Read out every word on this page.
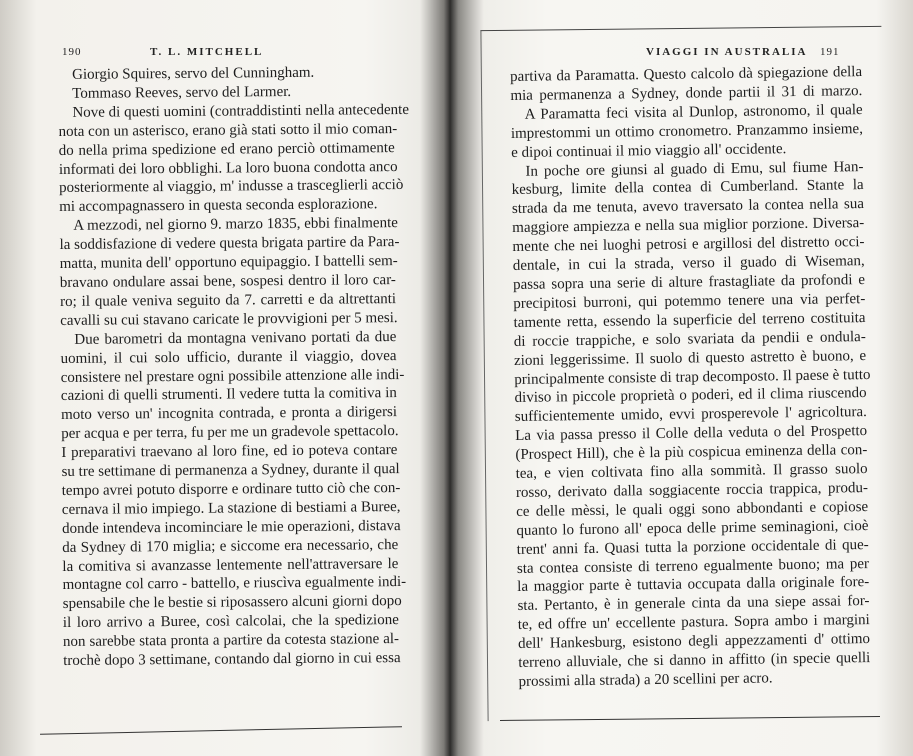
190	T. L. MITCHELL
Giorgio Squires, servo del Cunningham.
Tommaso Reeves, servo del Larmer.
Nove di questi uomini (contraddistinti nella antecedente
nota con un asterisco, erano già stati sotto il mio coman-
do nella prima spedizione ed erano perciò ottimamente
informati dei loro obblighi. La loro buona condotta anco
posteriormente al viaggio, m' indusse a trasceglierli acciò
mi accompagnassero in questa seconda esplorazione.
A mezzodi, nel giorno 9. marzo 1835, ebbi finalmente
la soddisfazione di vedere questa brigata partire da Para-
matta, munita dell' opportuno equipaggio. I battelli sem-
bravano ondulare assai bene, sospesi dentro il loro car-
ro; il quale veniva seguito da 7. carretti e da altrettanti
cavalli su cui stavano caricate le provvigioni per 5 mesi.
Due barometri da montagna venivano portati da due
uomini, il cui solo ufficio, durante il viaggio, dovea
consistere nel prestare ogni possibile attenzione alle indi-
cazioni di quelli strumenti. Il vedere tutta la comitiva in
moto verso un' incognita contrada, e pronta a dirigersi
per acqua e per terra, fu per me un gradevole spettacolo.
I preparativi traevano al loro fine, ed io poteva contare
su tre settimane di permanenza a Sydney, durante il qual
tempo avrei potuto disporre e ordinare tutto ciò che con-
cernava il mio impiego. La stazione di bestiami a Buree,
donde intendeva incominciare le mie operazioni, distava
da Sydney di 170 miglia; e siccome era necessario, che
la comitiva si avanzasse lentemente nell'attraversare le
montagne col carro - battello, e riuscìva egualmente indi-
spensabile che le bestie si riposassero alcuni giorni dopo
il loro arrivo a Buree, così calcolai, che la spedizione
non sarebbe stata pronta a partire da cotesta stazione al-
trochè dopo 3 settimane, contando dal giorno in cui essa
VIAGGI IN AUSTRALIA 191
partiva da Paramatta. Questo calcolo dà spiegazione della
mia permanenza a Sydney, donde partii il 31 di marzo.
A Paramatta feci visita al Dunlop, astronomo, il quale
imprestommi un ottimo cronometro. Pranzammo insieme,
e dipoi continuai il mio viaggio all' occidente.
In poche ore giunsi al guado di Emu, sul fiume Han-
kesburg, limite della contea di Cumberland. Stante la
strada da me tenuta, avevo traversato la contea nella sua
maggiore ampiezza e nella sua miglior porzione. Diversa-
mente che nei luoghi petrosi e argillosi del distretto occi-
dentale, in cui la strada, verso il guado di Wiseman,
passa sopra una serie di alture frastagliate da profondi e
precipitosi burroni, qui potemmo tenere una via perfet-
tamente retta, essendo la superficie del terreno costituita
di roccie trappiche, e solo svariata da pendii e ondula-
zioni leggerissime. Il suolo di questo astretto è buono, e
principalmente consiste di trap decomposto. Il paese è tutto
diviso in piccole proprietà o poderi, ed il clima riuscendo
sufficientemente umido, evvi prosperevole l' agricoltura.
La via passa presso il Colle della veduta o del Prospetto
(Prospect Hill), che è la più cospicua eminenza della con-
tea, e vien coltivata fino alla sommità. Il grasso suolo
rosso, derivato dalla soggiacente roccia trappica, produ-
ce delle mèssi, le quali oggi sono abbondanti e copiose
quanto lo furono all' epoca delle prime seminagioni, cioè
trent' anni fa. Quasi tutta la porzione occidentale di que-
sta contea consiste di terreno egualmente buono; ma per
la maggior parte è tuttavia occupata dalla originale fore-
sta. Pertanto, è in generale cinta da una siepe assai for-
te, ed offre un' eccellente pastura. Sopra ambo i margini
dell' Hankesburg, esistono degli appezzamenti d' ottimo
terreno alluviale, che si danno in affitto (in specie quelli
prossimi alla strada) a 20 scellini per acro.
